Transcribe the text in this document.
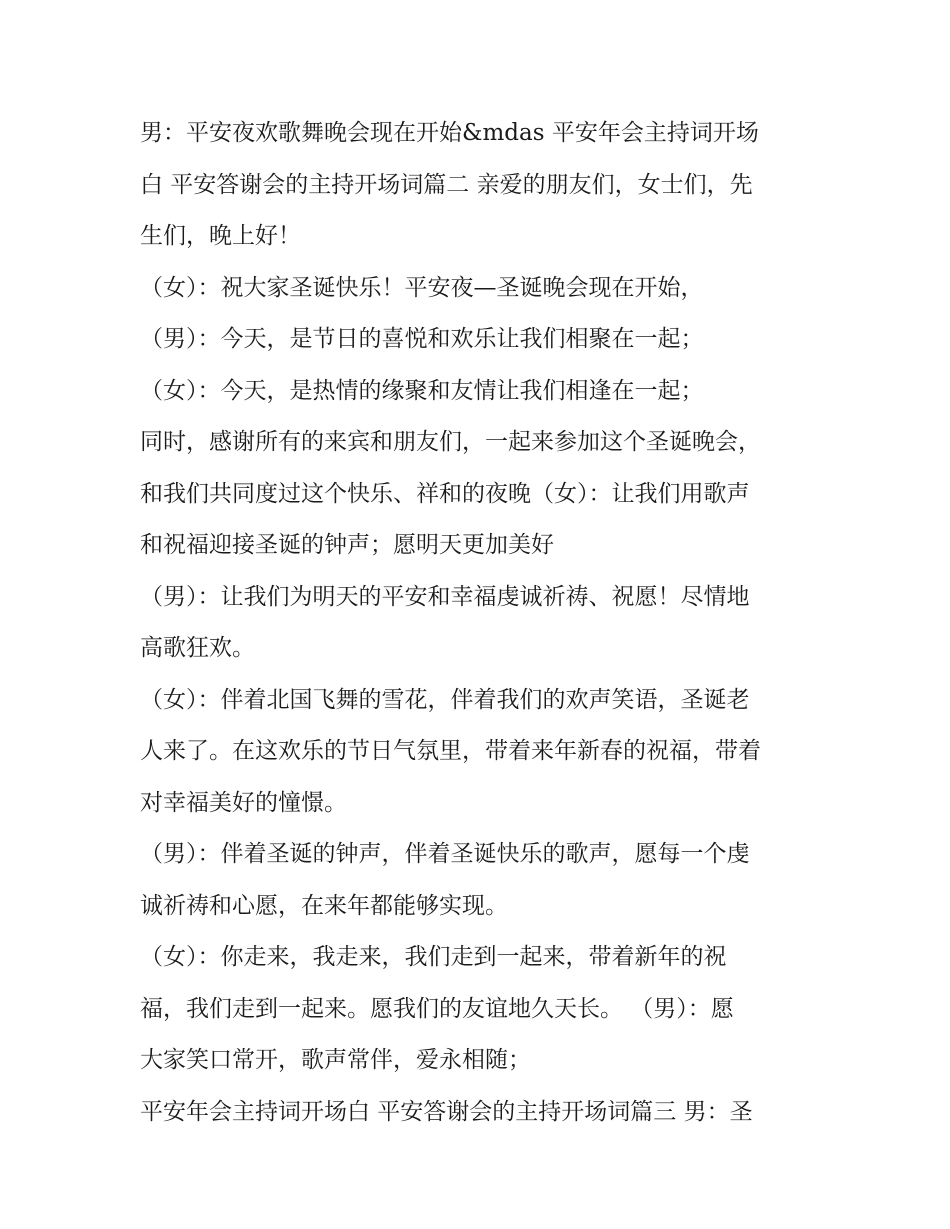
男：平安夜欢歌舞晚会现在开始&mdas 平安年会主持词开场

白 平安答谢会的主持开场词篇二 亲爱的朋友们，女士们，先

生们，晚上好！

（女）：祝大家圣诞快乐！平安夜—圣诞晚会现在开始，

（男）：今天，是节日的喜悦和欢乐让我们相聚在一起；

（女）：今天，是热情的缘聚和友情让我们相逢在一起；

同时，感谢所有的来宾和朋友们，一起来参加这个圣诞晚会，

和我们共同度过这个快乐、祥和的夜晚（女）：让我们用歌声

和祝福迎接圣诞的钟声；愿明天更加美好

（男）：让我们为明天的平安和幸福虔诚祈祷、祝愿！尽情地

高歌狂欢。

（女）：伴着北国飞舞的雪花，伴着我们的欢声笑语，圣诞老

人来了。在这欢乐的节日气氛里，带着来年新春的祝福，带着

对幸福美好的憧憬。

（男）：伴着圣诞的钟声，伴着圣诞快乐的歌声，愿每一个虔

诚祈祷和心愿，在来年都能够实现。

（女）：你走来，我走来，我们走到一起来，带着新年的祝

福，我们走到一起来。愿我们的友谊地久天长。 （男）：愿

大家笑口常开，歌声常伴，爱永相随；

平安年会主持词开场白 平安答谢会的主持开场词篇三 男：圣
